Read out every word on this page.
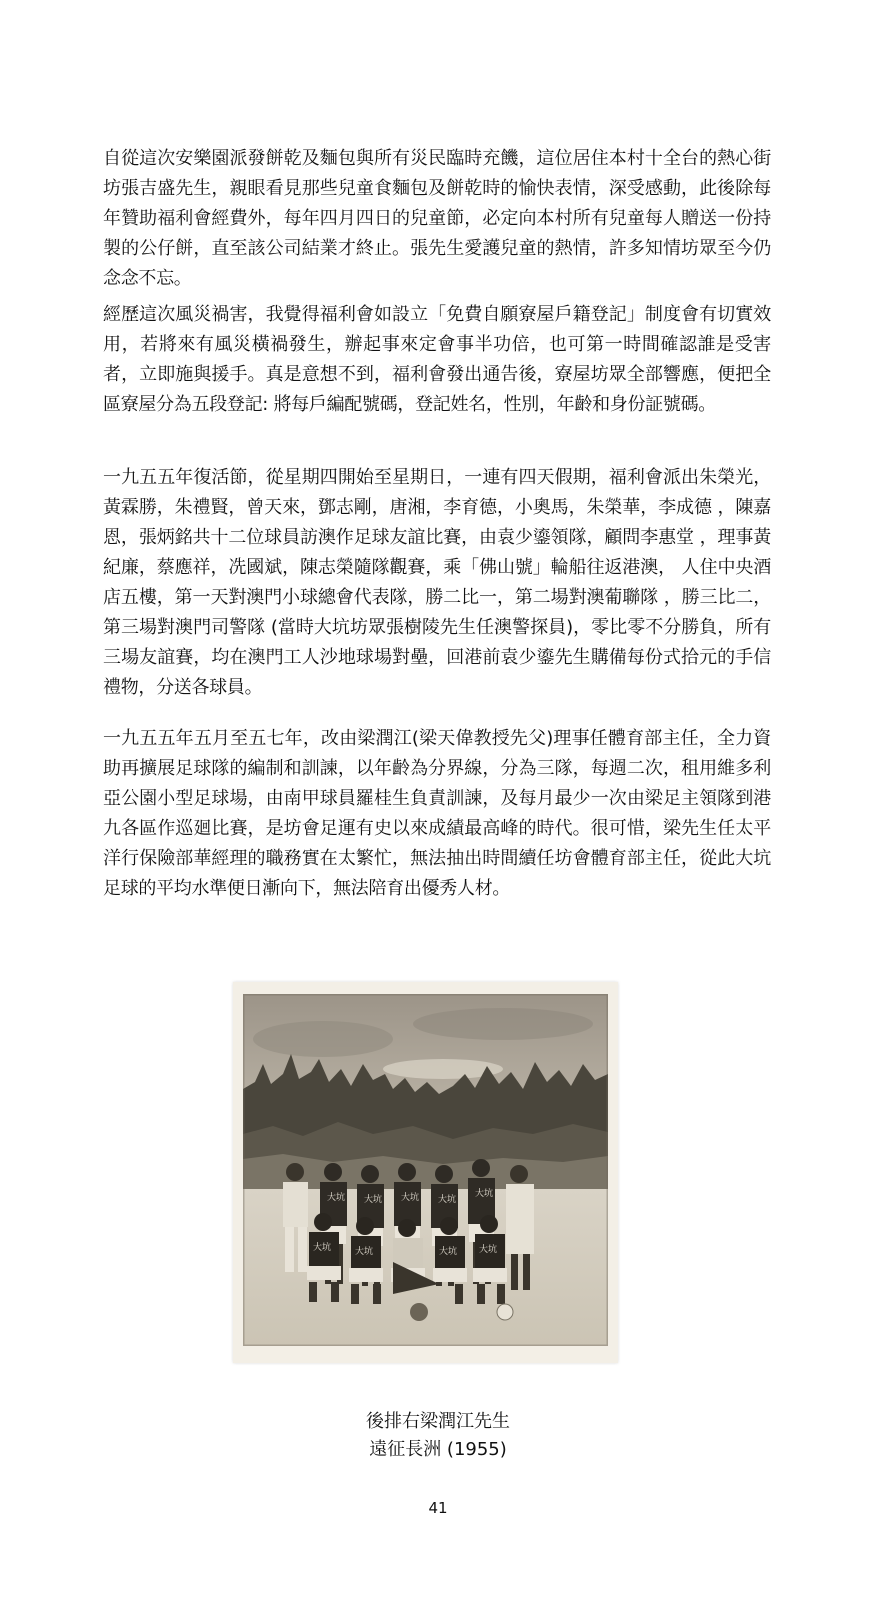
自從這次安樂園派發餅乾及麵包與所有災民臨時充饑，這位居住本村十全台的熱心街坊張吉盛先生，親眼看見那些兒童食麵包及餅乾時的愉快表情，深受感動，此後除每年贊助福利會經費外，每年四月四日的兒童節，必定向本村所有兒童每人贈送一份持製的公仔餅，直至該公司結業才終止。張先生愛護兒童的熱情，許多知情坊眾至今仍念念不忘。

經歷這次風災禍害，我覺得福利會如設立「免費自願寮屋戶籍登記」制度會有切實效用，若將來有風災橫禍發生，辦起事來定會事半功倍，也可第一時間確認誰是受害者，立即施與援手。真是意想不到，福利會發出通告後，寮屋坊眾全部響應，便把全區寮屋分為五段登記: 將每戶編配號碼，登記姓名，性別，年齡和身份証號碼。

一九五五年復活節，從星期四開始至星期日，一連有四天假期，福利會派出朱榮光，黃霖勝，朱禮賢，曾天來，鄧志剛，唐湘，李育德，小奧馬，朱榮華，李成德 ，陳嘉恩，張炳銘共十二位球員訪澳作足球友誼比賽，由袁少鎏領隊，顧問李惠堂 ，理事黃紀廉，蔡應祥，冼國斌，陳志榮隨隊觀賽，乘「佛山號」輪船往返港澳， 人住中央酒店五樓，第一天對澳門小球總會代表隊，勝二比一，第二場對澳葡聯隊 ，勝三比二，第三場對澳門司警隊 (當時大坑坊眾張樹陵先生任澳警探員)，零比零不分勝負，所有三場友誼賽，均在澳門工人沙地球場對壘，回港前袁少鎏先生購備每份式拾元的手信禮物，分送各球員。

一九五五年五月至五七年，改由梁潤江(梁天偉教授先父)理事任體育部主任，全力資助再擴展足球隊的編制和訓諫，以年齡為分界線，分為三隊，每週二次，租用維多利亞公園小型足球場，由南甲球員羅桂生負責訓諫，及每月最少一次由梁足主領隊到港九各區作巡廻比賽，是坊會足運有史以來成績最高峰的時代。很可惜，梁先生任太平洋行保險部華經理的職務實在太繁忙，無法抽出時間續任坊會體育部主任，從此大坑足球的平均水準便日漸向下，無法陪育出優秀人材。

大坑 大坑 大坑 大坑
大坑
大坑	大坑	大坑 大坑

後排右梁潤江先生

遠征長洲 (1955)

41
